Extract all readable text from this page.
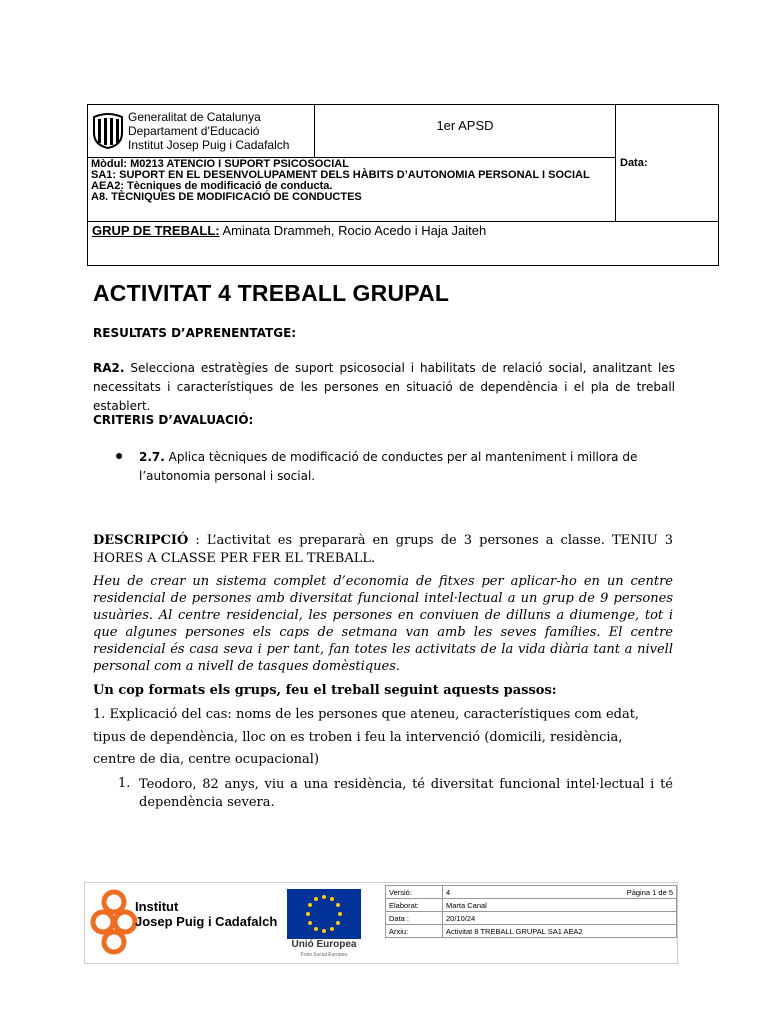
Generalitat de Catalunya
Departament d’Educació
Institut Josep Puig i Cadafalch
1er APSD
Data:
Mòdul: M0213 ATENCIO I SUPORT PSICOSOCIAL
SA1: SUPORT EN EL DESENVOLUPAMENT DELS HÀBITS D’AUTONOMIA PERSONAL I SOCIAL
AEA2: Tècniques de modificació de conducta.
A8. TÈCNIQUES DE MODIFICACIÓ DE CONDUCTES
GRUP DE TREBALL: Aminata Drammeh, Rocio Acedo i Haja Jaiteh
ACTIVITAT 4 TREBALL GRUPAL
RESULTATS D’APRENENTATGE:
RA2. Selecciona estratègies de suport psicosocial i habilitats de relació social, analitzant les necessitats i característiques de les persones en situació de dependència i el pla de treball establert.
CRITERIS D’AVALUACIÓ:
● 2.7. Aplica tècniques de modificació de conductes per al manteniment i millora de l’autonomia personal i social.
DESCRIPCIÓ : L’activitat es prepararà en grups de 3 persones a classe. TENIU 3 HORES A CLASSE PER FER EL TREBALL.
Heu de crear un sistema complet d’economia de fitxes per aplicar-ho en un centre residencial de persones amb diversitat funcional intel·lectual a un grup de 9 persones usuàries. Al centre residencial, les persones en conviuen de dilluns a diumenge, tot i que algunes persones els caps de setmana van amb les seves famílies. El centre residencial és casa seva i per tant, fan totes les activitats de la vida diària tant a nivell personal com a nivell de tasques domèstiques.
Un cop formats els grups, feu el treball seguint aquests passos:
1. Explicació del cas: noms de les persones que ateneu, característiques com edat,
tipus de dependència, lloc on es troben i feu la intervenció (domicili, residència,
centre de dia, centre ocupacional)
1. Teodoro, 82 anys, viu a una residència, té diversitat funcional intel·lectual i té dependència severa.
Institut
Josep Puig i Cadafalch
Unió Europea
Fons Social Europeu
Versió:	4 Pàgina 1 de 5

Elaborat:	Marta Canal
Data :	20/10/24
Arxiu:	Activitat 8 TREBALL GRUPAL SA1 AEA2
